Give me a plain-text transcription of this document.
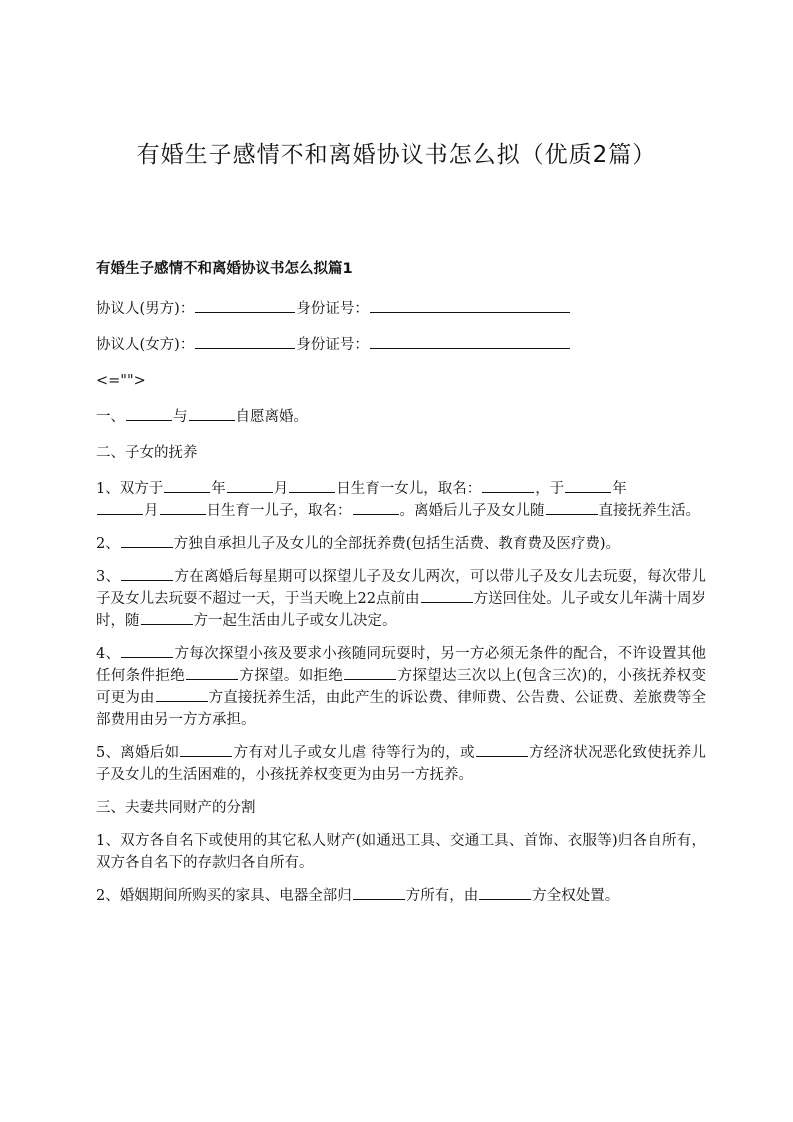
有婚生子感情不和离婚协议书怎么拟（优质2篇）
有婚生子感情不和离婚协议书怎么拟篇1

协议人(男方)：	身份证号：

协议人(女方)：	身份证号：

<="">

一、	与	自愿离婚。

二、子女的抚养

1、双方于	年	月	日生育一女儿，取名：	，于	年
月	日生育一儿子，取名：	。离婚后儿子及女儿随	直接抚养生活。

2、	方独自承担儿子及女儿的全部抚养费(包括生活费、教育费及医疗费)。

3、	方在离婚后每星期可以探望儿子及女儿两次，可以带儿子及女儿去玩耍，每次带儿子及女儿去玩耍不超过一天，于当天晚上22点前由	方送回住处。儿子或女儿年满十周岁时，随	方一起生活由儿子或女儿决定。

4、	方每次探望小孩及要求小孩随同玩耍时，另一方必须无条件的配合，不许设置其他任何条件拒绝	方探望。如拒绝	方探望达三次以上(包含三次)的，小孩抚养权变可更为由	方直接抚养生活，由此产生的诉讼费、律师费、公告费、公证费、差旅费等全部费用由另一方方承担。

5、离婚后如	方有对儿子或女儿虐 待等行为的，或	方经济状况恶化致使抚养儿子及女儿的生活困难的，小孩抚养权变更为由另一方抚养。

三、夫妻共同财产的分割

1、双方各自名下或使用的其它私人财产(如通迅工具、交通工具、首饰、衣服等)归各自所有，双方各自名下的存款归各自所有。

2、婚姻期间所购买的家具、电器全部归	方所有，由	方全权处置。
